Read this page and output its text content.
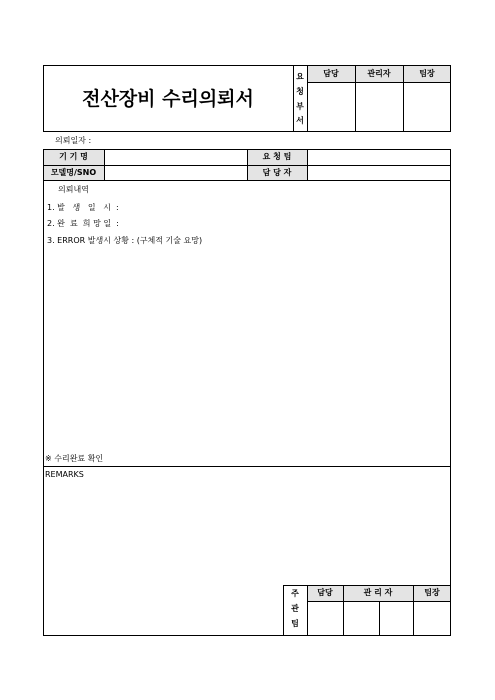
전산장비 수리의뢰서
요
청
부
서
담당	관리자	팀장
의뢰일자 :
기 기 명	요 청 팀
모델명/SNO	담 당 자
의뢰내역
1. 발   생   일   시  :
2. 완  료  희 망 일  :
3. ERROR 발생시 상황 : (구체적 기술 요망)
※ 수리완료 확인
REMARKS
주
관
팀
담당	관 리 자	팀장
